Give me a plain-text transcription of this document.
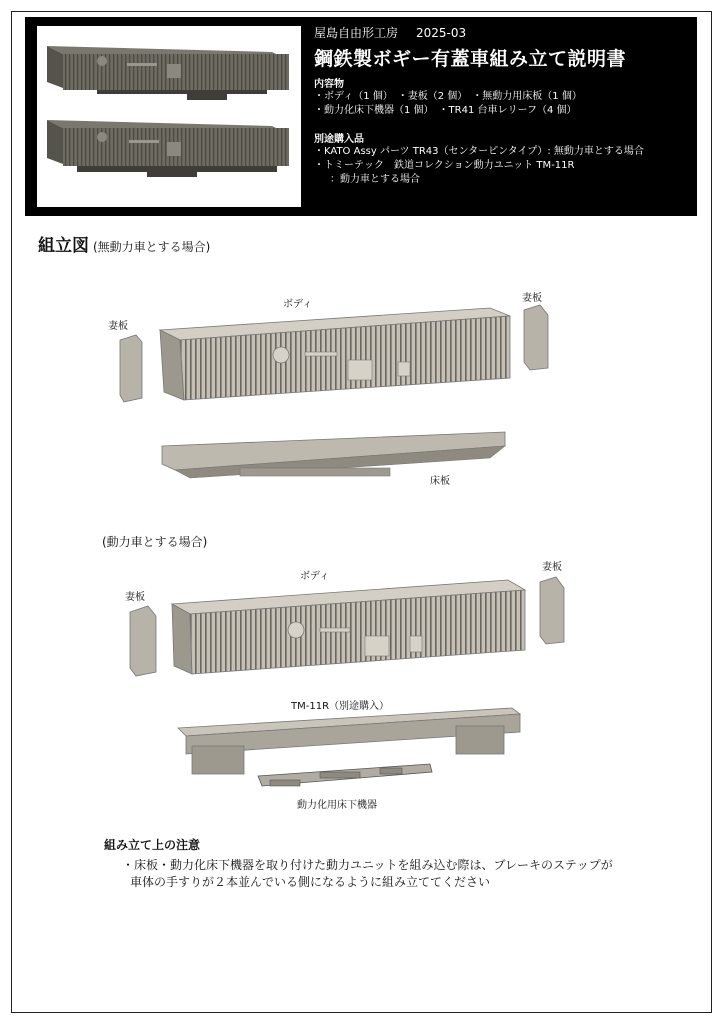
屋島自由形工房 2025-03
鋼鉄製ボギー有蓋車組み立て説明書
内容物
・ボディ（1 個）　・妻板（2 個）　・無動力用床板（1 個）
・動力化床下機器（1 個）　・TR41 台車レリーフ（4 個）
別途購入品
・KATO Assy パーツ TR43（センターピンタイプ）: 無動力車とする場合
・トミーテック　鉄道コレクション動力ユニット TM-11R
：動力車とする場合
組立図 (無動力車とする場合)
ボディ
妻板
妻板
床板
(動力車とする場合)
ボディ
妻板
妻板
TM-11R（別途購入）
動力化用床下機器
組み立て上の注意
・床板・動力化床下機器を取り付けた動力ユニットを組み込む際は、ブレーキのステップが
車体の手すりが２本並んでいる側になるように組み立ててください
